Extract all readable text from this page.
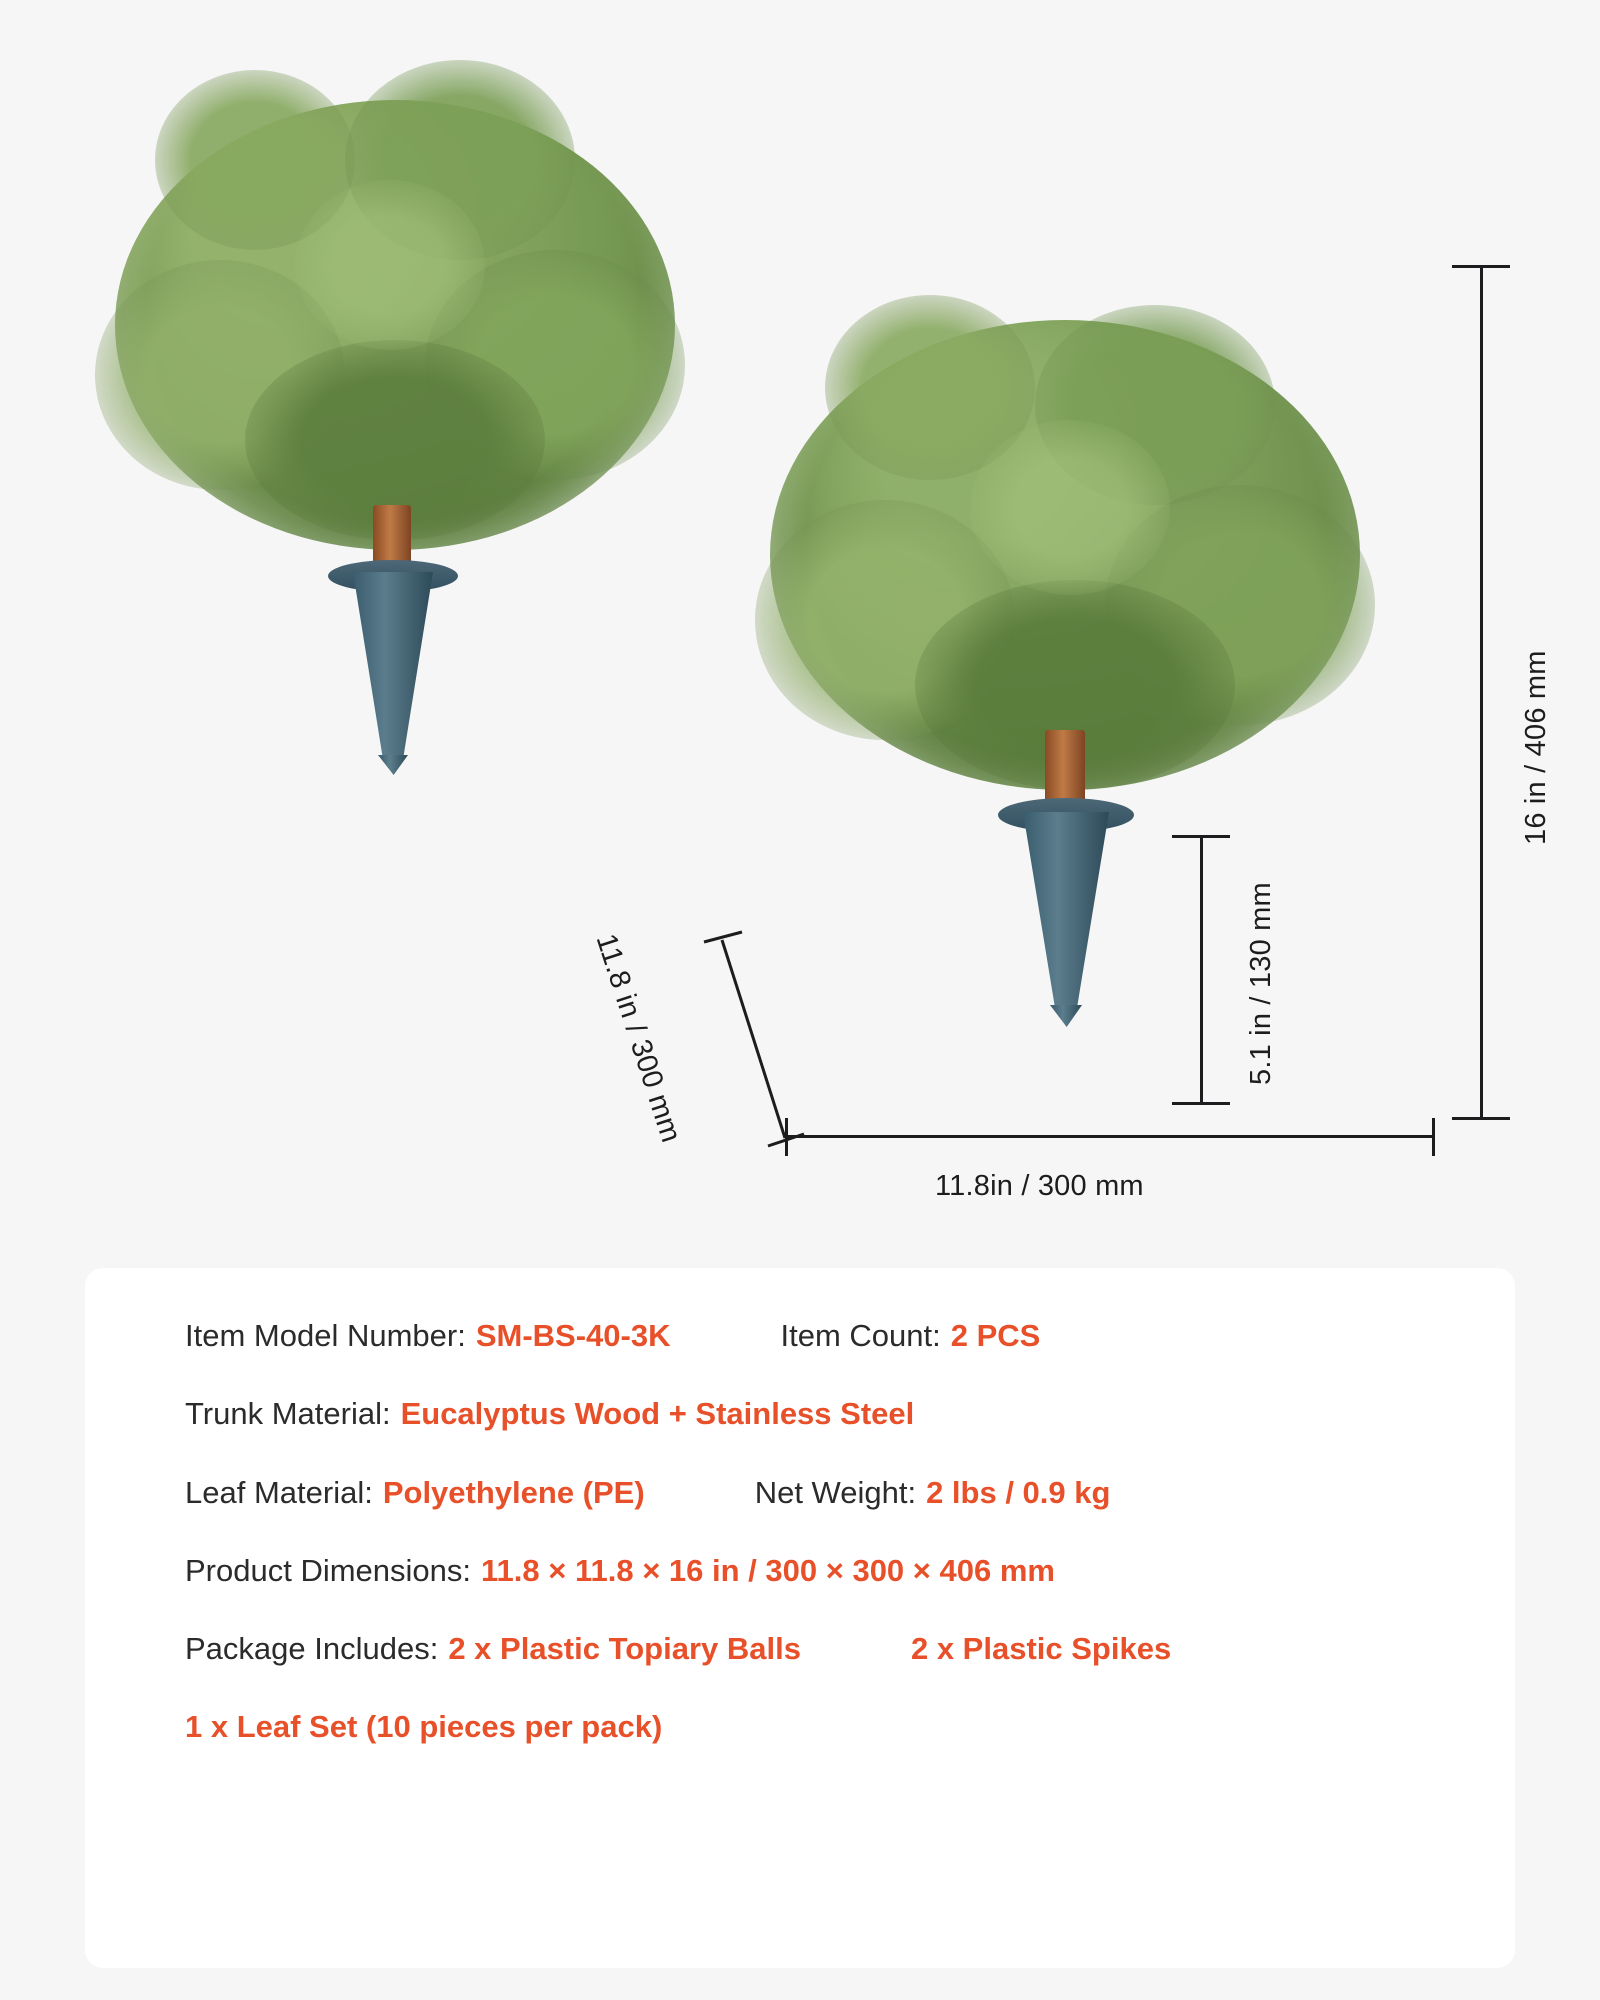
16 in / 406 mm
5.1 in / 130 mm
11.8in / 300 mm
11.8 in / 300 mm
Item Model Number: SM-BS-40-3K	Item Count: 2 PCS
Trunk Material: Eucalyptus Wood + Stainless Steel
Leaf Material: Polyethylene (PE)	Net Weight: 2 lbs / 0.9 kg
Product Dimensions: 11.8 × 11.8 × 16 in / 300 × 300 × 406 mm
Package Includes: 2 x Plastic Topiary Balls	2 x Plastic Spikes
1 x Leaf Set (10 pieces per pack)
